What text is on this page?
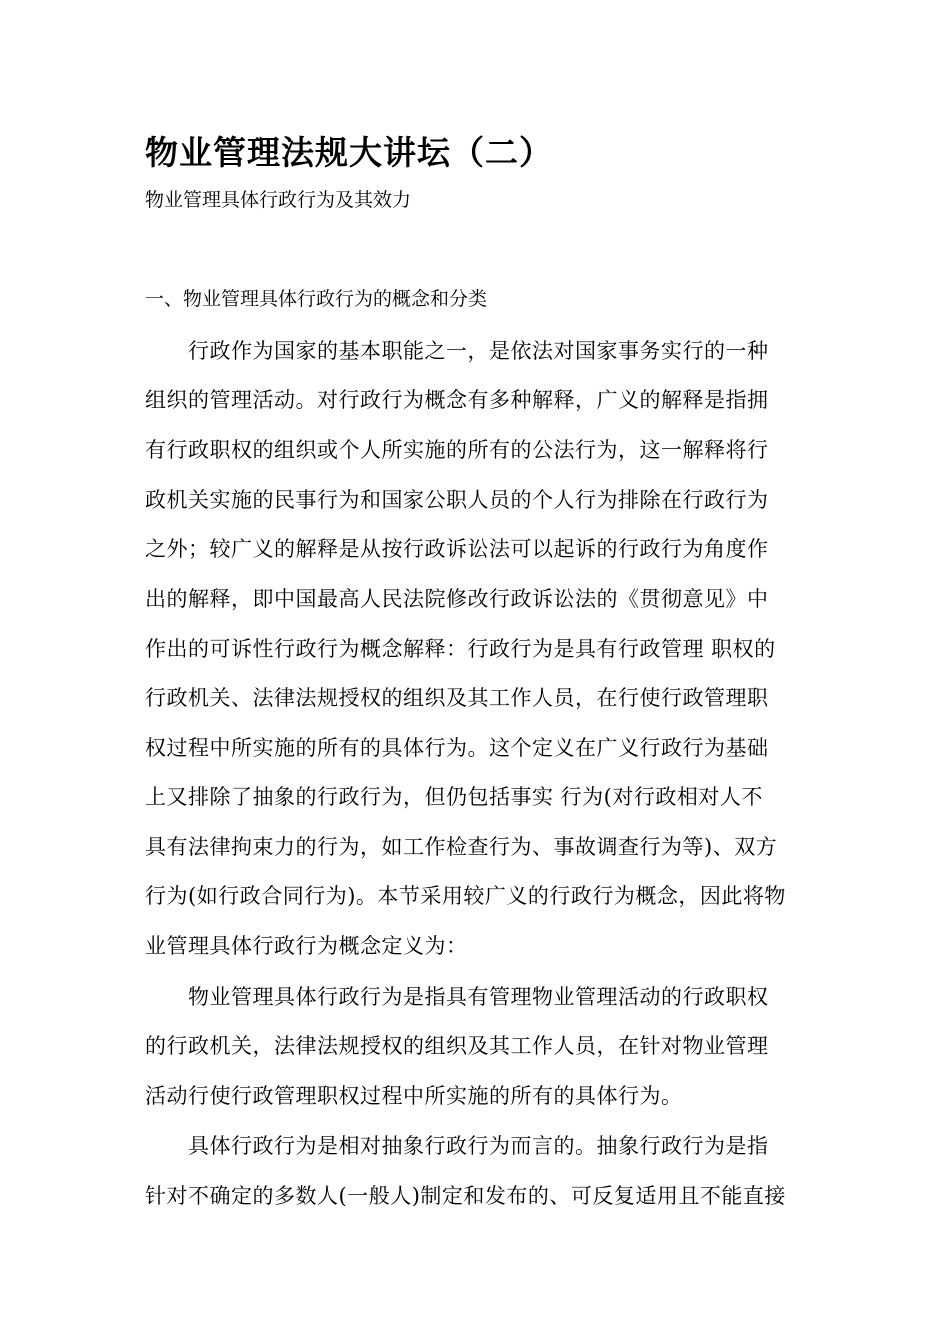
物业管理法规大讲坛（二）

物业管理具体行政行为及其效力

一、物业管理具体行政行为的概念和分类

行政作为国家的基本职能之一，是依法对国家事务实行的一种

组织的管理活动。对行政行为概念有多种解释，广义的解释是指拥

有行政职权的组织或个人所实施的所有的公法行为，这一解释将行

政机关实施的民事行为和国家公职人员的个人行为排除在行政行为

之外；较广义的解释是从按行政诉讼法可以起诉的行政行为角度作

出的解释，即中国最高人民法院修改行政诉讼法的《贯彻意见》中

作出的可诉性行政行为概念解释：行政行为是具有行政管理 职权的

行政机关、法律法规授权的组织及其工作人员，在行使行政管理职

权过程中所实施的所有的具体行为。这个定义在广义行政行为基础

上又排除了抽象的行政行为，但仍包括事实 行为(对行政相对人不

具有法律拘束力的行为，如工作检查行为、事故调查行为等)、双方

行为(如行政合同行为)。本节采用较广义的行政行为概念，因此将物

业管理具体行政行为概念定义为：

物业管理具体行政行为是指具有管理物业管理活动的行政职权

的行政机关，法律法规授权的组织及其工作人员，在针对物业管理

活动行使行政管理职权过程中所实施的所有的具体行为。

具体行政行为是相对抽象行政行为而言的。抽象行政行为是指

针对不确定的多数人(一般人)制定和发布的、可反复适用且不能直接
